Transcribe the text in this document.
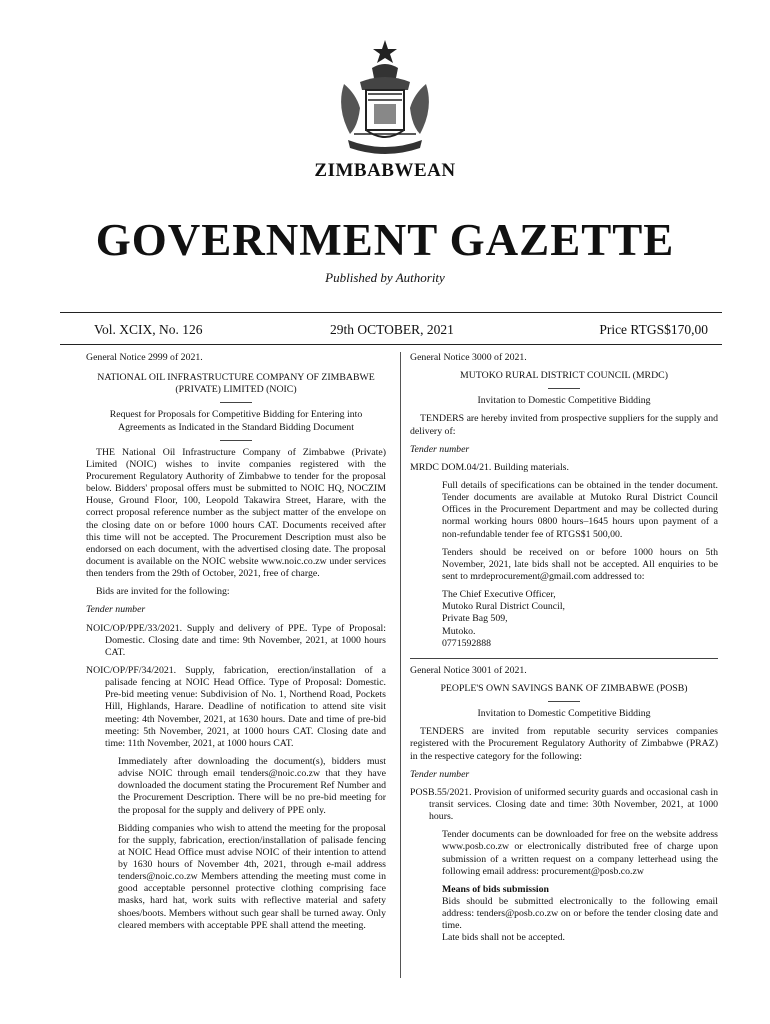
ZIMBABWEAN
GOVERNMENT GAZETTE
Published by Authority
Vol. XCIX, No. 126	29th OCTOBER, 2021	Price RTGS$170,00

General Notice 2999 of 2021.

NATIONAL OIL INFRASTRUCTURE COMPANY OF ZIMBABWE (PRIVATE) LIMITED (NOIC)

Request for Proposals for Competitive Bidding for Entering into Agreements as Indicated in the Standard Bidding Document

THE National Oil Infrastructure Company of Zimbabwe (Private) Limited (NOIC) wishes to invite companies registered with the Procurement Regulatory Authority of Zimbabwe to tender for the proposal below. Bidders' proposal offers must be submitted to NOIC HQ, NOCZIM House, Ground Floor, 100, Leopold Takawira Street, Harare, with the correct proposal reference number as the subject matter of the envelope on the closing date on or before 1000 hours CAT. Documents received after this time will not be accepted. The Procurement Description must also be endorsed on each document, with the advertised closing date. The proposal document is available on the NOIC website www.noic.co.zw under services then tenders from the 29th of October, 2021, free of charge.

Bids are invited for the following:

Tender number

NOIC/OP/PPE/33/2021. Supply and delivery of PPE. Type of Proposal: Domestic. Closing date and time: 9th November, 2021, at 1000 hours CAT.

NOIC/OP/PF/34/2021. Supply, fabrication, erection/installation of a palisade fencing at NOIC Head Office. Type of Proposal: Domestic. Pre-bid meeting venue: Subdivision of No. 1, Northend Road, Pockets Hill, Highlands, Harare. Deadline of notification to attend site visit meeting: 4th November, 2021, at 1630 hours. Date and time of pre-bid meeting: 5th November, 2021, at 1000 hours CAT. Closing date and time: 11th November, 2021, at 1000 hours CAT.

Immediately after downloading the document(s), bidders must advise NOIC through email tenders@noic.co.zw that they have downloaded the document stating the Procurement Ref Number and the Procurement Description. There will be no pre-bid meeting for the proposal for the supply and delivery of PPE only.

Bidding companies who wish to attend the meeting for the proposal for the supply, fabrication, erection/installation of palisade fencing at NOIC Head Office must advise NOIC of their intention to attend by 1630 hours of November 4th, 2021, through e-mail address tenders@noic.co.zw Members attending the meeting must come in good acceptable personnel protective clothing comprising face masks, hard hat, work suits with reflective material and safety shoes/boots. Members without such gear shall be turned away. Only cleared members with acceptable PPE shall attend the meeting.

General Notice 3000 of 2021.

MUTOKO RURAL DISTRICT COUNCIL (MRDC)

Invitation to Domestic Competitive Bidding

TENDERS are hereby invited from prospective suppliers for the supply and delivery of:

Tender number

MRDC DOM.04/21. Building materials.

Full details of specifications can be obtained in the tender document. Tender documents are available at Mutoko Rural District Council Offices in the Procurement Department and may be collected during normal working hours 0800 hours–1645 hours upon payment of a non-refundable tender fee of RTGS$1 500,00.

Tenders should be received on or before 1000 hours on 5th November, 2021, late bids shall not be accepted. All enquiries to be sent to mrdeprocurement@gmail.com addressed to:

The Chief Executive Officer,
Mutoko Rural District Council,
Private Bag 509,
Mutoko.
0771592888

General Notice 3001 of 2021.

PEOPLE'S OWN SAVINGS BANK OF ZIMBABWE (POSB)

Invitation to Domestic Competitive Bidding

TENDERS are invited from reputable security services companies registered with the Procurement Regulatory Authority of Zimbabwe (PRAZ) in the respective category for the following:

Tender number

POSB.55/2021. Provision of uniformed security guards and occasional cash in transit services. Closing date and time: 30th November, 2021, at 1000 hours.

Tender documents can be downloaded for free on the website address www.posb.co.zw or electronically distributed free of charge upon submission of a written request on a company letterhead using the following email address: procurement@posb.co.zw

Means of bids submission

Bids should be submitted electronically to the following email address: tenders@posb.co.zw on or before the tender closing date and time.

Late bids shall not be accepted.
